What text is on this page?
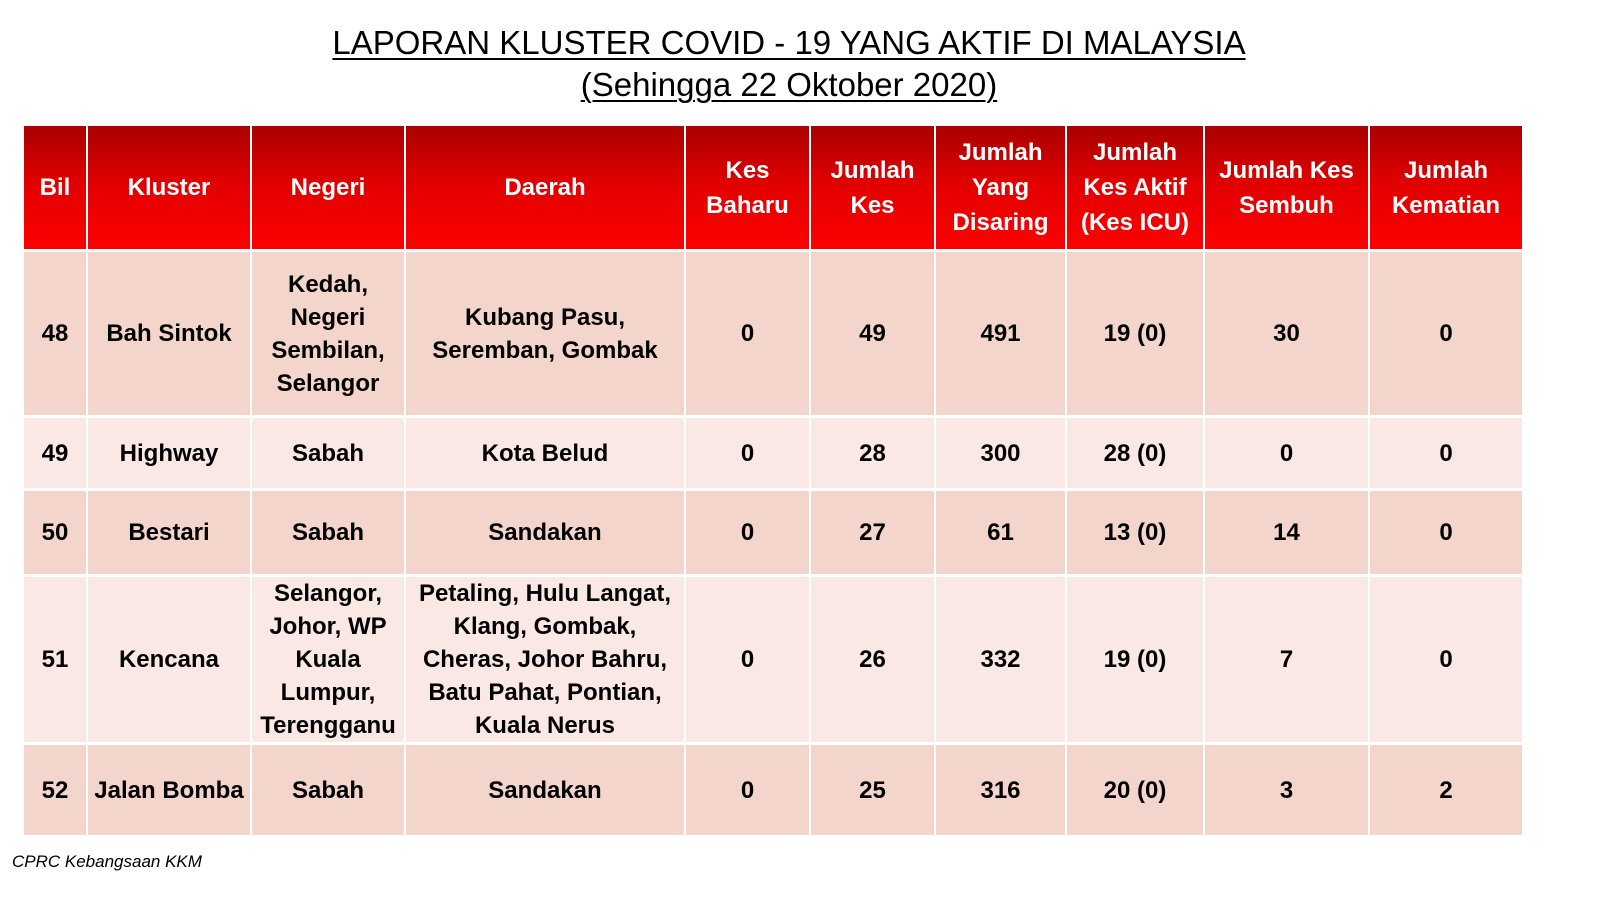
LAPORAN KLUSTER COVID - 19 YANG AKTIF DI MALAYSIA
(Sehingga 22 Oktober 2020)
Bil	Kluster	Negeri	Daerah	Kes Baharu	Jumlah Kes	Jumlah Yang Disaring	Jumlah Kes Aktif (Kes ICU)	Jumlah Kes Sembuh	Jumlah Kematian
48	Bah Sintok	Kedah, Negeri Sembilan, Selangor	Kubang Pasu, Seremban, Gombak	0	49	491	19 (0)	30	0
49	Highway	Sabah	Kota Belud	0	28	300	28 (0)	0	0
50	Bestari	Sabah	Sandakan	0	27	61	13 (0)	14	0
51	Kencana	Selangor, Johor, WP Kuala Lumpur, Terengganu	Petaling, Hulu Langat, Klang, Gombak, Cheras, Johor Bahru, Batu Pahat, Pontian, Kuala Nerus	0	26	332	19 (0)	7	0
52	Jalan Bomba	Sabah	Sandakan	0	25	316	20 (0)	3	2
CPRC Kebangsaan KKM
